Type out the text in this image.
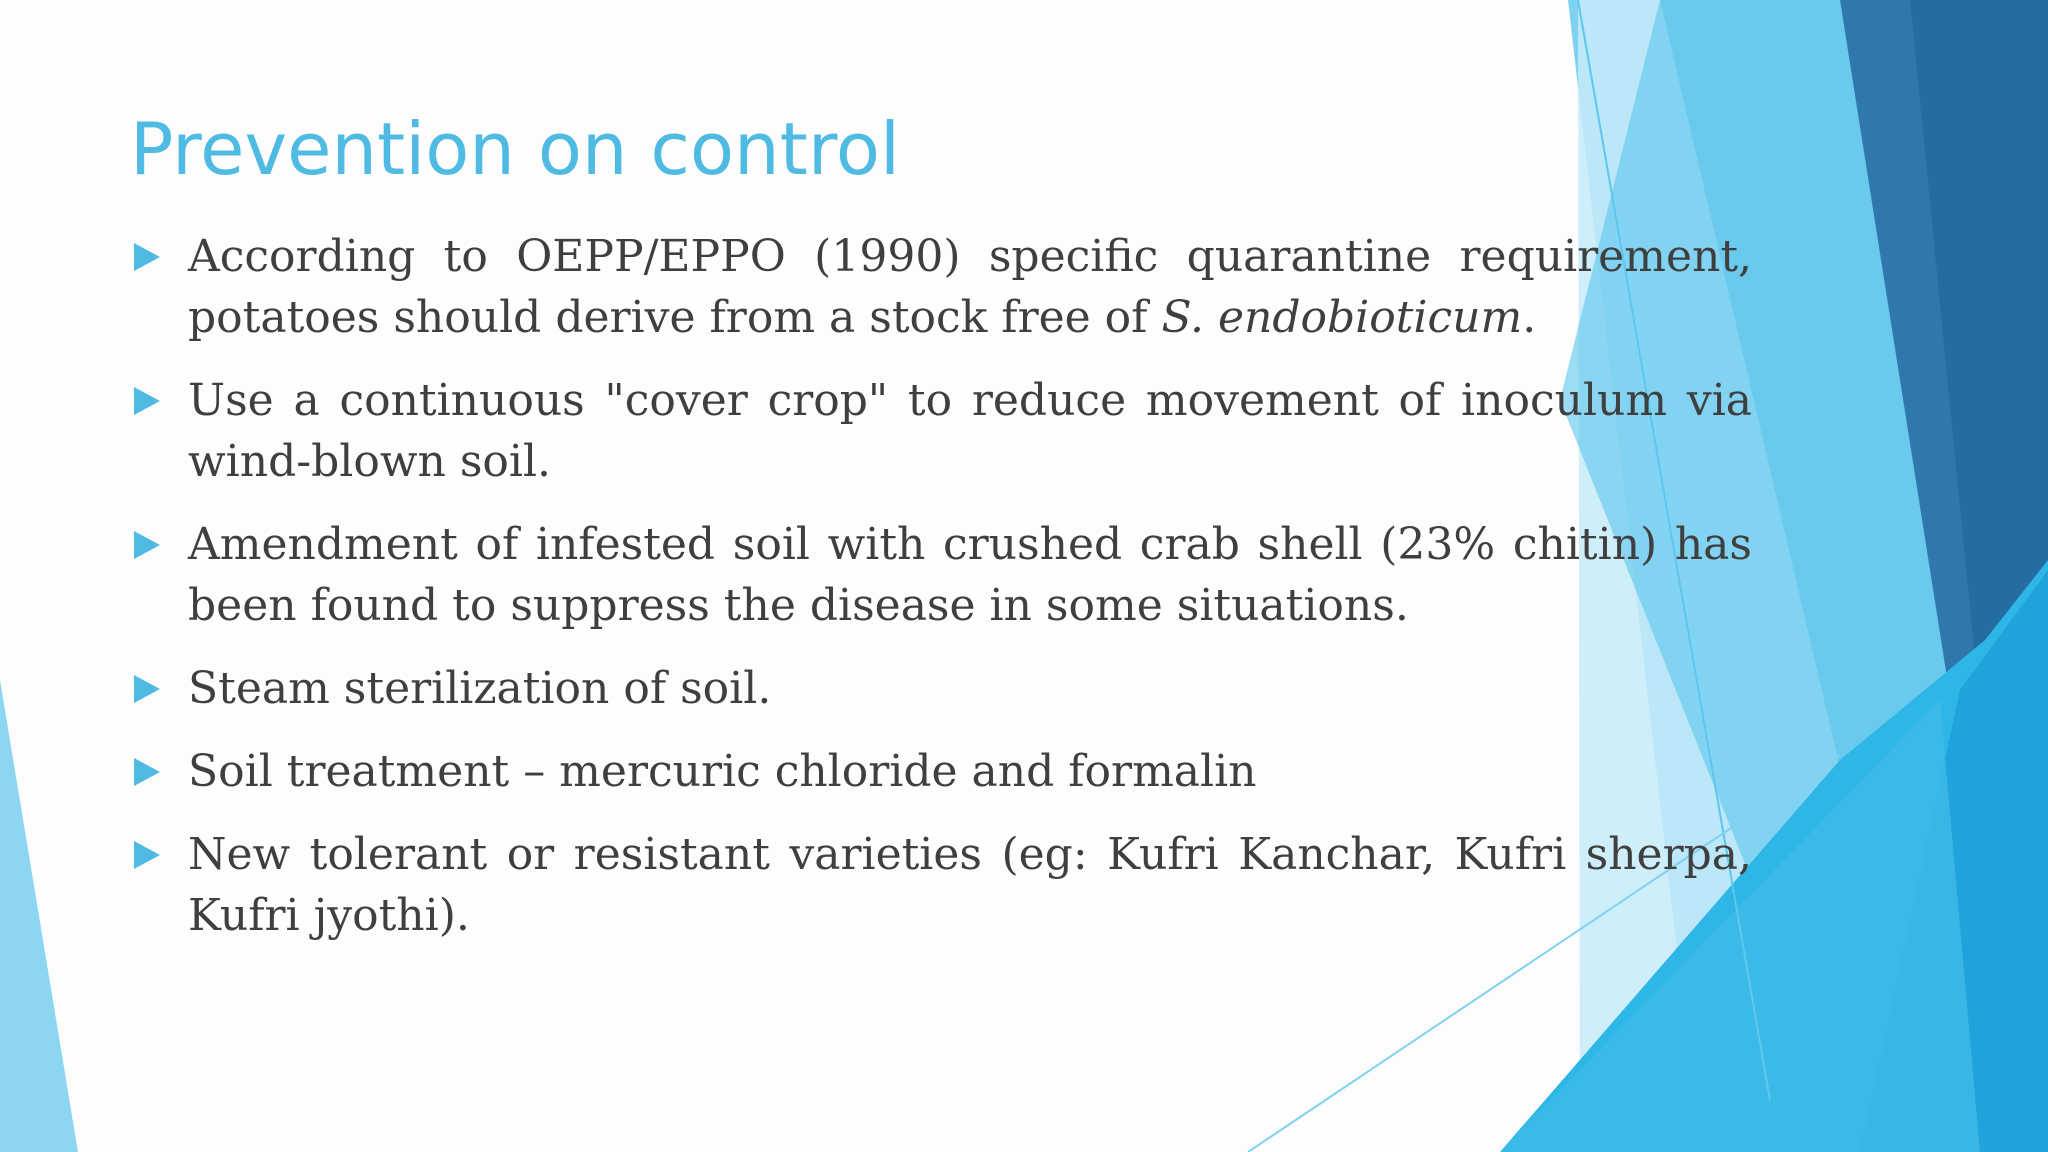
Prevention on control
According to OEPP/EPPO (1990) specific quarantine requirement, potatoes should derive from a stock free of S. endobioticum.
Use a continuous "cover crop" to reduce movement of inoculum via wind-blown soil.
Amendment of infested soil with crushed crab shell (23% chitin) has been found to suppress the disease in some situations.
Steam sterilization of soil.
Soil treatment – mercuric chloride and formalin
New tolerant or resistant varieties (eg: Kufri Kanchar, Kufri sherpa, Kufri jyothi).
